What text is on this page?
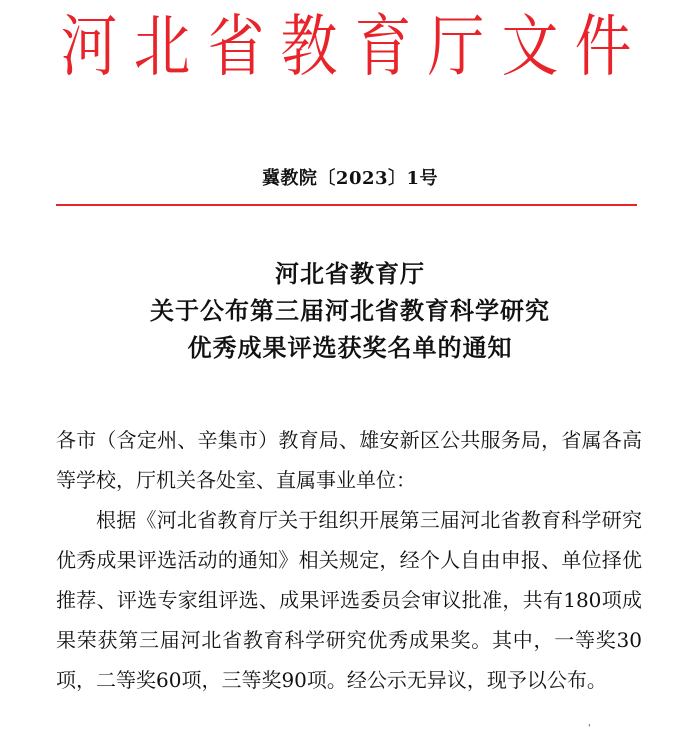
河 北 省 教 育 厅 文 件
冀教院〔2023〕1号
河北省教育厅
关于公布第三届河北省教育科学研究
优秀成果评选获奖名单的通知

各市（含定州、辛集市）教育局、雄安新区公共服务局，省属各高等学校，厅机关各处室、直属事业单位：

根据《河北省教育厅关于组织开展第三届河北省教育科学研究优秀成果评选活动的通知》相关规定，经个人自由申报、单位择优推荐、评选专家组评选、成果评选委员会审议批准，共有180项成果荣获第三届河北省教育科学研究优秀成果奖。其中，一等奖30项，二等奖60项，三等奖90项。经公示无异议，现予以公布。

'
